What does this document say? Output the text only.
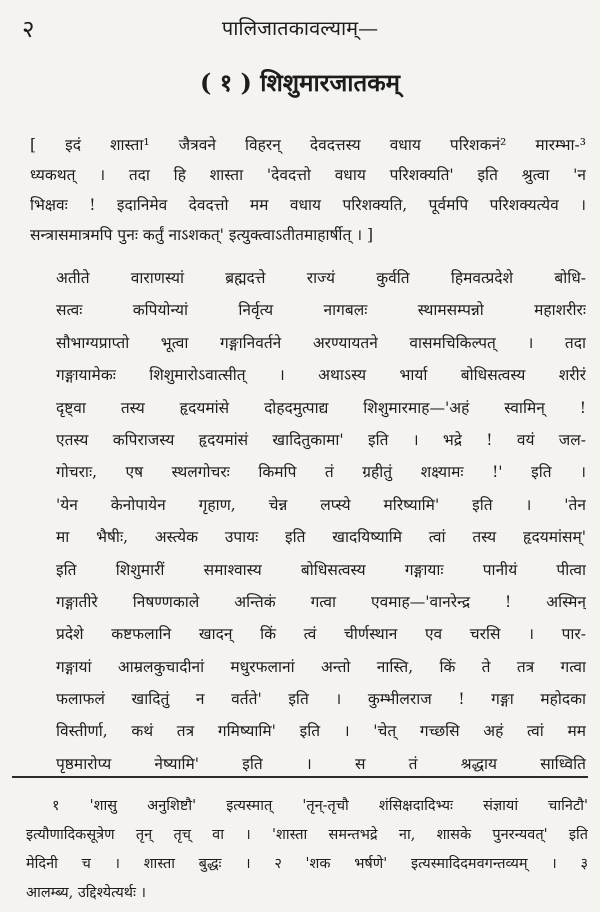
२	पालिजातकावल्याम्—
( १ ) शिशुमारजातकम्
[ इदं शास्ता¹ जैत्रवने विहरन् देवदत्तस्य वधाय परिशकनं² मारम्भा-³
ध्यकथत् । तदा हि शास्ता 'देवदत्तो वधाय परिशक्यति' इति श्रुत्वा 'न
भिक्षवः ! इदानिमेव देवदत्तो मम वधाय परिशक्यति, पूर्वमपि परिशक्यत्येव ।
सन्त्रासमात्रमपि पुनः कर्तुं नाऽशकत्' इत्युक्त्वाऽतीतमाहार्षीत् । ]
अतीते वाराणस्यां ब्रह्मदत्ते राज्यं कुर्वति हिमवत्प्रदेशे बोधि-
सत्वः कपियोन्यां निर्वृत्य नागबलः स्थामसम्पन्नो महाशरीरः
सौभाग्यप्राप्तो भूत्वा गङ्गानिवर्तने अरण्यायतने वासमचिकिल्पत् । तदा
गङ्गायामेकः शिशुमारोऽवात्सीत् । अथाऽस्य भार्या बोधिसत्वस्य शरीरं
दृष्ट्वा तस्य हृदयमांसे दोहदमुत्पाद्य शिशुमारमाह—'अहं स्वामिन् !
एतस्य कपिराजस्य हृदयमांसं खादितुकामा' इति । भद्रे ! वयं जल-
गोचराः, एष स्थलगोचरः किमपि तं ग्रहीतुं शक्ष्यामः !' इति ।
'येन केनोपायेन गृहाण, चेन्न लप्स्ये मरिष्यामि' इति । 'तेन
मा भैषीः, अस्त्येक उपायः इति खादयिष्यामि त्वां तस्य हृदयमांसम्'
इति शिशुमारीं समाश्वास्य बोधिसत्वस्य गङ्गायाः पानीयं पीत्वा
गङ्गातीरे निषण्णकाले अन्तिकं गत्वा एवमाह—'वानरेन्द्र ! अस्मिन्
प्रदेशे कष्टफलानि खादन् किं त्वं चीर्णस्थान एव चरसि । पार-
गङ्गायां आम्रलकुचादीनां मधुरफलानां अन्तो नास्ति, किं ते तत्र गत्वा
फलाफलं खादितुं न वर्तते' इति । कुम्भीलराज ! गङ्गा महोदका
विस्तीर्णा, कथं तत्र गमिष्यामि' इति । 'चेत् गच्छसि अहं त्वां मम
पृष्ठमारोप्य नेष्यामि' इति । स तं श्रद्धाय साध्विति
१ 'शासु अनुशिष्टौ' इत्यस्मात् 'तृन्-तृचौ शंसिक्षदादिभ्यः संज्ञायां चानिटौ'
इत्यौणादिकसूत्रेण तृन् तृच् वा । 'शास्ता समन्तभद्रे ना, शासके पुनरन्यवत्' इति
मेदिनी च । शास्ता बुद्धः । २ 'शक भर्षणे' इत्यस्मादिदमवगन्तव्यम् । ३
आलम्ब्य, उद्दिश्येत्यर्थः ।
